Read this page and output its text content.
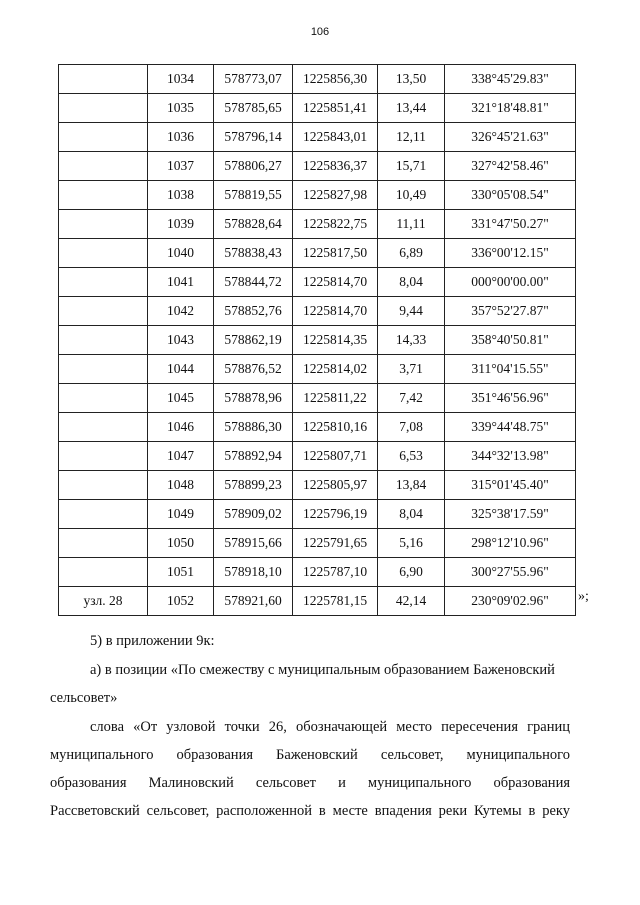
106
	1034	578773,07	1225856,30	13,50	338°45'29.83"
	1035	578785,65	1225851,41	13,44	321°18'48.81"
	1036	578796,14	1225843,01	12,11	326°45'21.63"
	1037	578806,27	1225836,37	15,71	327°42'58.46"
	1038	578819,55	1225827,98	10,49	330°05'08.54"
	1039	578828,64	1225822,75	11,11	331°47'50.27"
	1040	578838,43	1225817,50	6,89	336°00'12.15"
	1041	578844,72	1225814,70	8,04	000°00'00.00"
	1042	578852,76	1225814,70	9,44	357°52'27.87"
	1043	578862,19	1225814,35	14,33	358°40'50.81"
	1044	578876,52	1225814,02	3,71	311°04'15.55"
	1045	578878,96	1225811,22	7,42	351°46'56.96"
	1046	578886,30	1225810,16	7,08	339°44'48.75"
	1047	578892,94	1225807,71	6,53	344°32'13.98"
	1048	578899,23	1225805,97	13,84	315°01'45.40"
	1049	578909,02	1225796,19	8,04	325°38'17.59"
	1050	578915,66	1225791,65	5,16	298°12'10.96"
	1051	578918,10	1225787,10	6,90	300°27'55.96"
узл. 28	1052	578921,60	1225781,15	42,14	230°09'02.96" »;
5) в приложении 9к:
а) в позиции «По смежеству с муниципальным образованием Баженовский
сельсовет»
слова «От узловой точки 26, обозначающей место пересечения границ
муниципального образования Баженовский сельсовет, муниципального
образования Малиновский сельсовет и муниципального образования
Рассветовский сельсовет, расположенной в месте впадения реки Кутемы в реку
